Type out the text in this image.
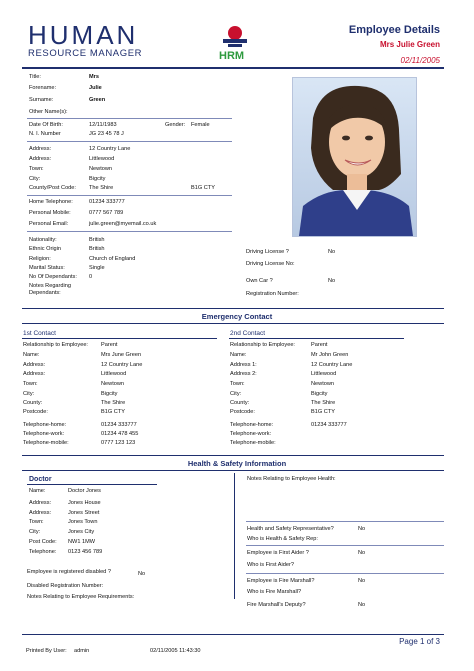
HUMAN
RESOURCE MANAGER	HRM
Employee Details
Mrs Julie Green
02/11/2005
Title:	Mrs
Forename:	Julie
Surname:	Green
Other Name(s):
Date Of Birth:	12/11/1983	Gender: Female
N. I. Number	JG 23 45 78 J
Address:	12 Country Lane
Address:	Littlewood
Town:	Newtown
City:	Bigcity
County/Post Code: The Shire	B1G CTY
Home Telephone:	01234 333777
Personal Mobile:	0777 567 789
Personal Email:	julie.green@myemail.co.uk
Nationality:	British
Ethnic Origin	British
Religion:	Church of England
Marital Status:	Single
No Of Dependants: 0
Notes Regarding Dependants:
Driving License ?	No
Driving License No:
Own Car ?	No
Registration Number:
Emergency Contact
1st Contact
Relationship to Employee: Parent
Name:	Mrs June Green
Address:	12 Country Lane
Address:	Littlewood
Town:	Newtown
City:	Bigcity
County:	The Shire
Postcode:	B1G CTY
Telephone-home:	01234 333777
Telephone-work:	01234 478 455
Telephone-mobile:	0777 123 123
2nd Contact
Relationship to Employee:	Parent
Name:	Mr John Green
Address 1:	12 Country Lane
Address 2:	Littlewood
Town:	Newtown
City:	Bigcity
County:	The Shire
Postcode:	B1G CTY
Telephone-home:	01234 333777
Telephone-work:
Telephone-mobile:
Health & Safety Information
Doctor
Name:	Doctor Jones
Address:	Jones House
Address:	Jones Street
Town:	Jones Town
City:	Jones City
Post Code: NW1 1MW
Telephone: 0123 456 789
Employee is registered disabled ?	No
Disabled Registration Number:
Notes Relating to Employee Requirements:
Notes Relating to Employee Health:
Health and Safety Representative?	No
Who is Health & Safety Rep:
Employee is First Aider ?	No
Who is First Aider?
Employee is Fire Marshall?	No
Who is Fire Marshall?
Fire Marshall's Deputy?	No
Page 1 of 3
Printed By User: admin	02/11/2005 11:43:30
